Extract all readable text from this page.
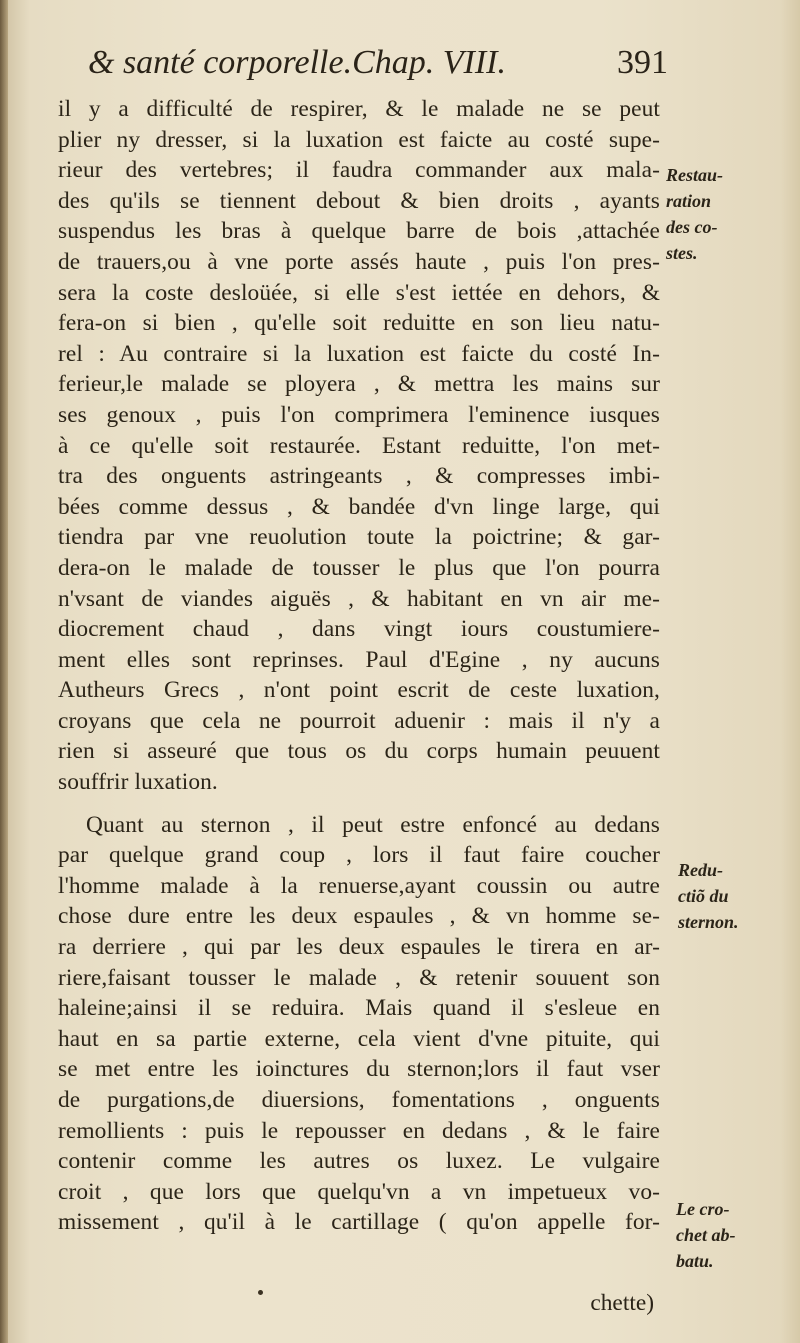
& santé corporelle.Chap. VIII.	391
il y a difficulté de respirer, & le malade ne se peut
plier ny dresser, si la luxation est faicte au costé supe-
rieur des vertebres; il faudra commander aux mala-
des qu'ils se tiennent debout & bien droits , ayants
suspendus les bras à quelque barre de bois ,attachée
de trauers,ou à vne porte assés haute , puis l'on pres-
sera la coste desloüée, si elle s'est iettée en dehors, &
fera-on si bien , qu'elle soit reduitte en son lieu natu-
rel : Au contraire si la luxation est faicte du costé In-
ferieur,le malade se ployera , & mettra les mains sur
ses genoux , puis l'on comprimera l'eminence iusques
à ce qu'elle soit restaurée. Estant reduitte, l'on met-
tra des onguents astringeants , & compresses imbi-
bées comme dessus , & bandée d'vn linge large, qui
tiendra par vne reuolution toute la poictrine; & gar-
dera-on le malade de tousser le plus que l'on pourra
n'vsant de viandes aiguës , & habitant en vn air me-
diocrement chaud , dans vingt iours coustumiere-
ment elles sont reprinses. Paul d'Egine , ny aucuns
Autheurs Grecs , n'ont point escrit de ceste luxation,
croyans que cela ne pourroit aduenir : mais il n'y a
rien si asseuré que tous os du corps humain peuuent
souffrir luxation.
Quant au sternon , il peut estre enfoncé au dedans
par quelque grand coup , lors il faut faire coucher
l'homme malade à la renuerse,ayant coussin ou autre
chose dure entre les deux espaules , & vn homme se-
ra derriere , qui par les deux espaules le tirera en ar-
riere,faisant tousser le malade , & retenir souuent son
haleine;ainsi il se reduira. Mais quand il s'esleue en
haut en sa partie externe, cela vient d'vne pituite, qui
se met entre les ioinctures du sternon;lors il faut vser
de purgations,de diuersions, fomentations , onguents
remollients : puis le repousser en dedans , & le faire
contenir comme les autres os luxez. Le vulgaire
croit , que lors que quelqu'vn a vn impetueux vo-
missement , qu'il à le cartillage ( qu'on appelle for-
Restau-
ration
des co-
stes.
Redu-
ctiõ du
sternon.
Le cro-
chet ab-
batu.
chette)
